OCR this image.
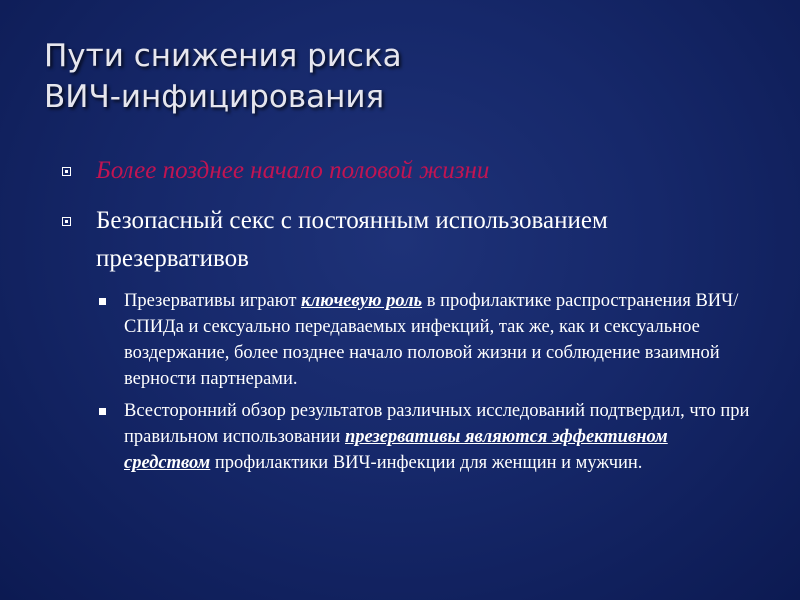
Пути снижения риска
ВИЧ-инфицирования
Более позднее начало половой жизни
Безопасный секс с постоянным использованием презервативов
Презервативы играют ключевую роль в профилактике распространения ВИЧ/СПИДа и сексуально передаваемых инфекций, так же, как и сексуальное воздержание, более позднее начало половой жизни и соблюдение взаимной верности партнерами.
Всесторонний обзор результатов различных исследований подтвердил, что при правильном использовании презервативы являются эффективном средством профилактики ВИЧ-инфекции для женщин и мужчин.
